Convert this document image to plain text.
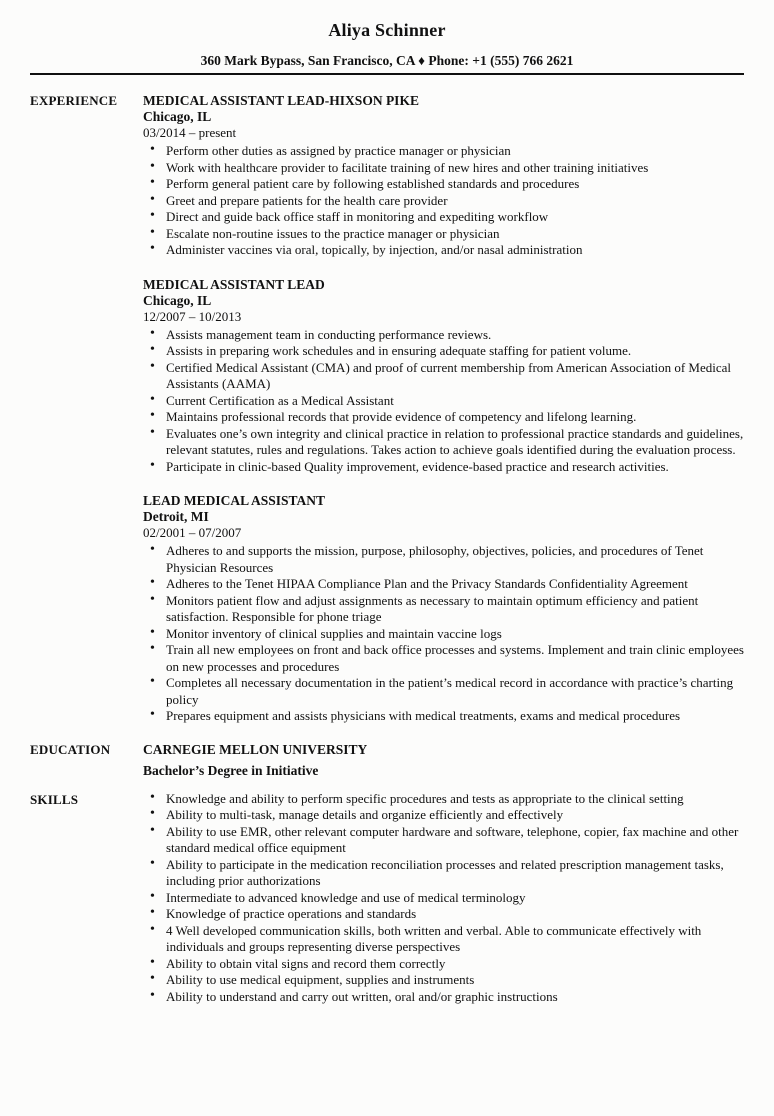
Aliya Schinner
360 Mark Bypass, San Francisco, CA ♦ Phone: +1 (555) 766 2621
EXPERIENCE	MEDICAL ASSISTANT LEAD-HIXSON PIKE
Chicago, IL
03/2014 – present
• Perform other duties as assigned by practice manager or physician
• Work with healthcare provider to facilitate training of new hires and other training initiatives
• Perform general patient care by following established standards and procedures
• Greet and prepare patients for the health care provider
• Direct and guide back office staff in monitoring and expediting workflow
• Escalate non-routine issues to the practice manager or physician
• Administer vaccines via oral, topically, by injection, and/or nasal administration
MEDICAL ASSISTANT LEAD
Chicago, IL
12/2007 – 10/2013
• Assists management team in conducting performance reviews.
• Assists in preparing work schedules and in ensuring adequate staffing for patient volume.
• Certified Medical Assistant (CMA) and proof of current membership from American Association of Medical Assistants (AAMA)
• Current Certification as a Medical Assistant
• Maintains professional records that provide evidence of competency and lifelong learning.
• Evaluates one’s own integrity and clinical practice in relation to professional practice standards and guidelines, relevant statutes, rules and regulations. Takes action to achieve goals identified during the evaluation process.
• Participate in clinic-based Quality improvement, evidence-based practice and research activities.
LEAD MEDICAL ASSISTANT
Detroit, MI
02/2001 – 07/2007
• Adheres to and supports the mission, purpose, philosophy, objectives, policies, and procedures of Tenet Physician Resources
• Adheres to the Tenet HIPAA Compliance Plan and the Privacy Standards Confidentiality Agreement
• Monitors patient flow and adjust assignments as necessary to maintain optimum efficiency and patient satisfaction. Responsible for phone triage
• Monitor inventory of clinical supplies and maintain vaccine logs
• Train all new employees on front and back office processes and systems. Implement and train clinic employees on new processes and procedures
• Completes all necessary documentation in the patient’s medical record in accordance with practice’s charting policy
• Prepares equipment and assists physicians with medical treatments, exams and medical procedures
EDUCATION	CARNEGIE MELLON UNIVERSITY
Bachelor’s Degree in Initiative
SKILLS	• Knowledge and ability to perform specific procedures and tests as appropriate to the clinical setting
• Ability to multi-task, manage details and organize efficiently and effectively
• Ability to use EMR, other relevant computer hardware and software, telephone, copier, fax machine and other standard medical office equipment
• Ability to participate in the medication reconciliation processes and related prescription management tasks, including prior authorizations
• Intermediate to advanced knowledge and use of medical terminology
• Knowledge of practice operations and standards
• 4 Well developed communication skills, both written and verbal. Able to communicate effectively with individuals and groups representing diverse perspectives
• Ability to obtain vital signs and record them correctly
• Ability to use medical equipment, supplies and instruments
• Ability to understand and carry out written, oral and/or graphic instructions
